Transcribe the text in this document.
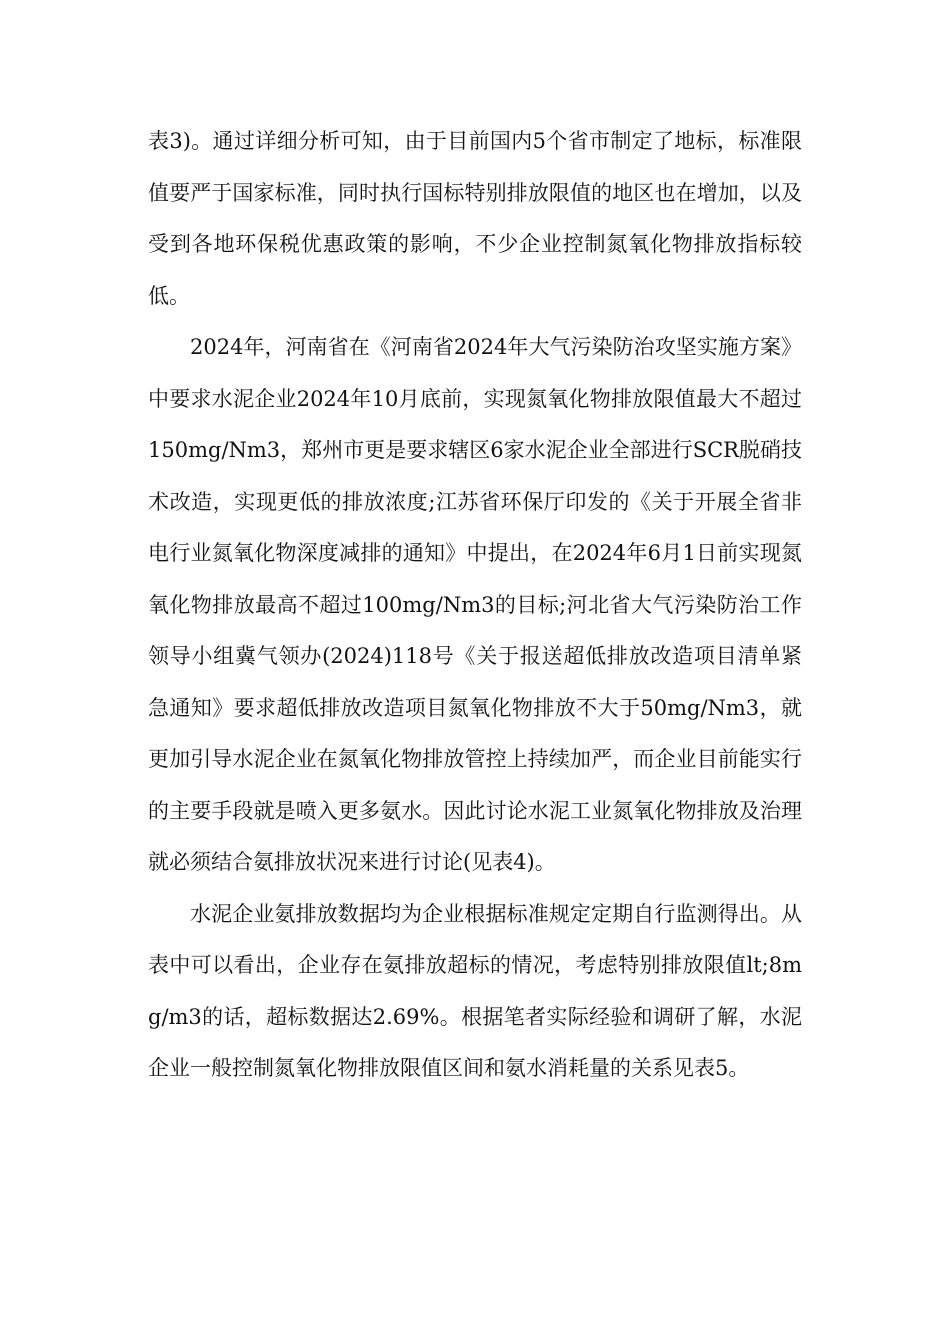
表3)。通过详细分析可知，由于目前国内5个省市制定了地标，标准限值要严于国家标准，同时执行国标特别排放限值的地区也在增加，以及受到各地环保税优惠政策的影响，不少企业控制氮氧化物排放指标较低。

2024年，河南省在《河南省2024年大气污染防治攻坚实施方案》中要求水泥企业2024年10月底前，实现氮氧化物排放限值最大不超过150mg/Nm3，郑州市更是要求辖区6家水泥企业全部进行SCR脱硝技术改造，实现更低的排放浓度;江苏省环保厅印发的《关于开展全省非电行业氮氧化物深度减排的通知》中提出，在2024年6月1日前实现氮氧化物排放最高不超过100mg/Nm3的目标;河北省大气污染防治工作领导小组冀气领办(2024)118号《关于报送超低排放改造项目清单紧急通知》要求超低排放改造项目氮氧化物排放不大于50mg/Nm3，就更加引导水泥企业在氮氧化物排放管控上持续加严，而企业目前能实行的主要手段就是喷入更多氨水。因此讨论水泥工业氮氧化物排放及治理就必须结合氨排放状况来进行讨论(见表4)。

水泥企业氨排放数据均为企业根据标准规定定期自行监测得出。从表中可以看出，企业存在氨排放超标的情况，考虑特别排放限值lt;8mg/m3的话，超标数据达2.69%。根据笔者实际经验和调研了解，水泥企业一般控制氮氧化物排放限值区间和氨水消耗量的关系见表5。
